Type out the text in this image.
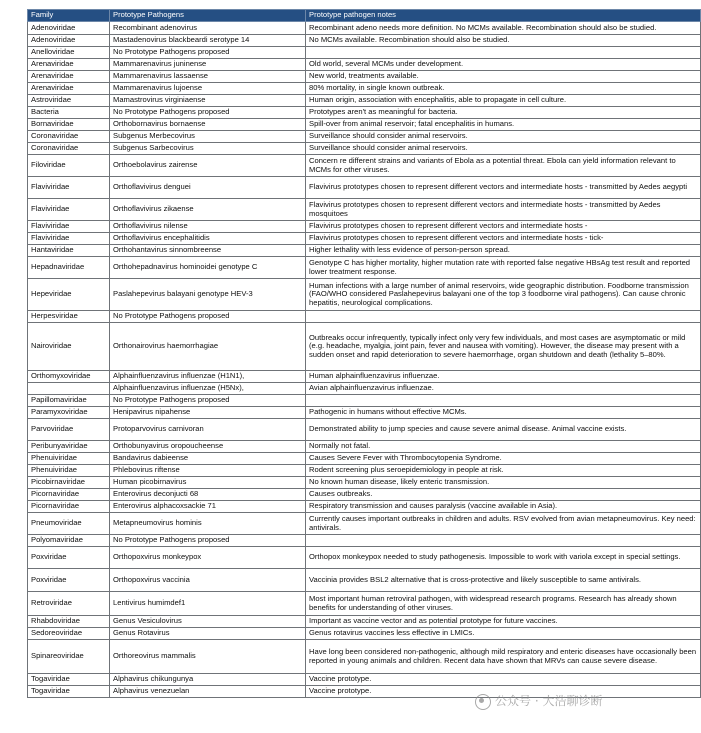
Family	Prototype Pathogens	Prototype pathogen notes
Adenoviridae	Recombinant adenovirus	Recombinant adeno needs more definition. No MCMs available. Recombination should also be studied.
Adenoviridae	Mastadenovirus blackbeardi serotype 14	No MCMs available. Recombination should also be studied.
Anelloviridae	No Prototype Pathogens proposed	
Arenaviridae	Mammarenavirus juninense	Old world, several MCMs under development.
Arenaviridae	Mammarenavirus lassaense	New world, treatments available.
Arenaviridae	Mammarenavirus lujoense	80% mortality, in single known outbreak.
Astroviridae	Mamastrovirus virginiaense	Human origin, association with encephalitis, able to propagate in cell culture.
Bacteria	No Prototype Pathogens proposed	Prototypes aren't as meaningful for bacteria.
Bornaviridae	Orthobornavirus bornaense	Spill-over from animal reservoir; fatal encephalitis in humans.
Coronaviridae	Subgenus Merbecovirus	Surveillance should consider animal reservoirs.
Coronaviridae	Subgenus Sarbecovirus	Surveillance should consider animal reservoirs.
Filoviridae	Orthoebolavirus zairense	Concern re different strains and variants of Ebola as a potential threat. Ebola can yield information relevant to MCMs for other viruses.
Flaviviridae	Orthoflavivirus denguei	Flavivirus prototypes chosen to represent different vectors and intermediate hosts - transmitted by Aedes aegypti
Flaviviridae	Orthoflavivirus zikaense	Flavivirus prototypes chosen to represent different vectors and intermediate hosts - transmitted by Aedes mosquitoes
Flaviviridae	Orthoflavivirus nilense	Flavivirus prototypes chosen to represent different vectors and intermediate hosts -
Flaviviridae	Orthoflavivirus encephalitidis	Flavivirus prototypes chosen to represent different vectors and intermediate hosts - tick-
Hantaviridae	Orthohantavirus sinnombreense	Higher lethality with less evidence of person-person spread.
Hepadnaviridae	Orthohepadnavirus hominoidei genotype C	Genotype C has higher mortality, higher mutation rate with reported false negative HBsAg test result and reported lower treatment response.
Hepeviridae	Paslahepevirus balayani genotype HEV-3	Human infections with a large number of animal reservoirs, wide geographic distribution. Foodborne transmission (FAO/WHO considered Paslahepevirus balayani one of the top 3 foodborne viral pathogens). Can cause chronic hepatitis, neurological complications.
Herpesviridae	No Prototype Pathogens proposed	
Nairoviridae	Orthonairovirus haemorrhagiae	Outbreaks occur infrequently, typically infect only very few individuals, and most cases are asymptomatic or mild (e.g. headache, myalgia, joint pain, fever and nausea with vomiting). However, the disease may present with a sudden onset and rapid deterioration to severe haemorrhage, organ shutdown and death (lethality 5–80%.
Orthomyxoviridae	Alphainfluenzavirus influenzae (H1N1),	Human alphainfluenzavirus influenzae.
	Alphainfluenzavirus influenzae (H5Nx),	Avian alphainfluenzavirus influenzae.
Papillomaviridae	No Prototype Pathogens proposed	
Paramyxoviridae	Henipavirus nipahense	Pathogenic in humans without effective MCMs.
Parvoviridae	Protoparvovirus carnivoran	Demonstrated ability to jump species and cause severe animal disease. Animal vaccine exists.
Peribunyaviridae	Orthobunyavirus oropoucheense	Normally not fatal.
Phenuiviridae	Bandavirus dabieense	Causes Severe Fever with Thrombocytopenia Syndrome.
Phenuiviridae	Phlebovirus riftense	Rodent screening plus seroepidemiology in people at risk.
Picobirnaviridae	Human picobirnavirus	No known human disease, likely enteric transmission.
Picornaviridae	Enterovirus deconjucti 68	Causes outbreaks.
Picornaviridae	Enterovirus alphacoxsackie 71	Respiratory transmission and causes paralysis (vaccine available in Asia).
Pneumoviridae	Metapneumovirus hominis	Currently causes important outbreaks in children and adults. RSV evolved from avian metapneumovirus. Key need: antivirals.
Polyomaviridae	No Prototype Pathogens proposed	
Poxviridae	Orthopoxvirus monkeypox	Orthopox monkeypox needed to study pathogenesis. Impossible to work with variola except in special settings.
Poxviridae	Orthopoxvirus vaccinia	Vaccinia provides BSL2 alternative that is cross-protective and likely susceptible to same antivirals.
Retroviridae	Lentivirus humimdef1	Most important human retroviral pathogen, with widespread research programs. Research has already shown benefits for understanding of other viruses.
Rhabdoviridae	Genus Vesiculovirus	Important as vaccine vector and as potential prototype for future vaccines.
Sedoreoviridae	Genus Rotavirus	Genus rotavirus vaccines less effective in LMICs.
Spinareoviridae	Orthoreovirus mammalis	Have long been considered non-pathogenic, although mild respiratory and enteric diseases have occasionally been reported in young animals and children. Recent data have shown that MRVs can cause severe disease.
Togaviridae	Alphavirus chikungunya	Vaccine prototype.
Togaviridae	Alphavirus venezuelan	Vaccine prototype.
公众号 · 大浩聊诊断
